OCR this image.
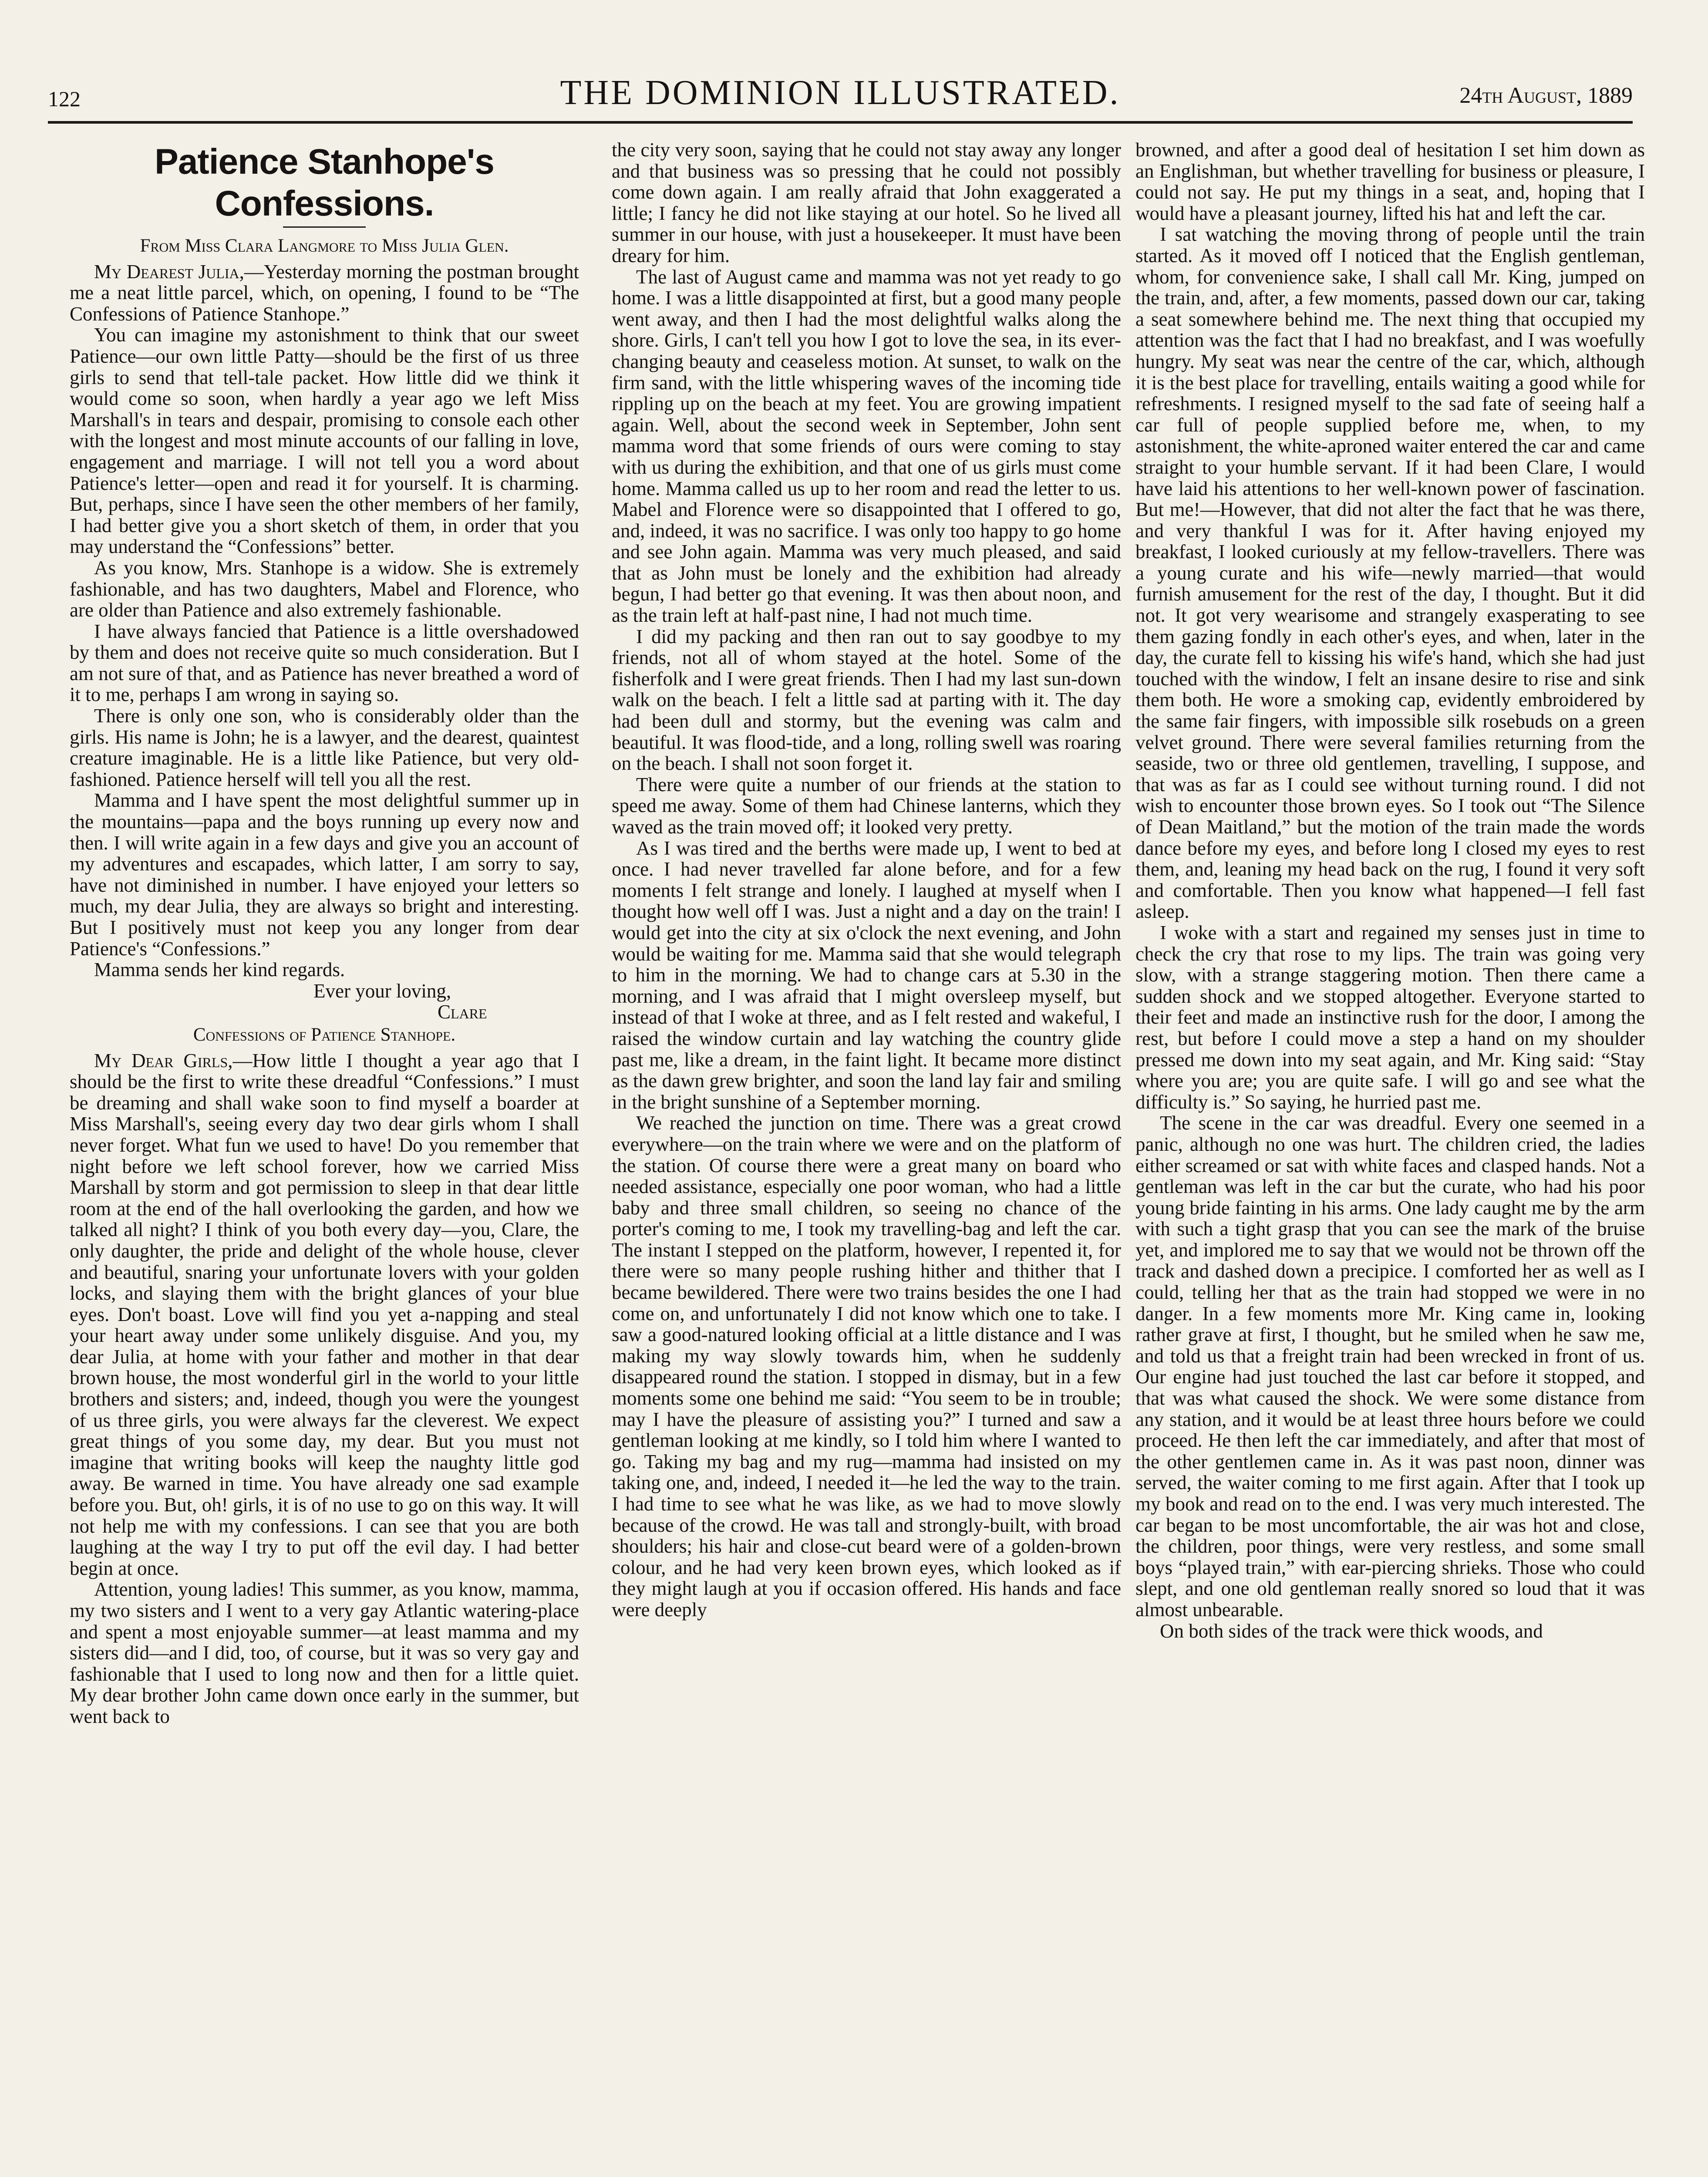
122	THE DOMINION ILLUSTRATED.	24th August, 1889
Patience Stanhope's Confessions.
From Miss Clara Langmore to Miss Julia Glen.

My Dearest Julia,—Yesterday morning the postman brought me a neat little parcel, which, on opening, I found to be “The Confessions of Patience Stanhope.”

You can imagine my astonishment to think that our sweet Patience—our own little Patty—should be the first of us three girls to send that tell-tale packet. How little did we think it would come so soon, when hardly a year ago we left Miss Marshall's in tears and despair, promising to console each other with the longest and most minute accounts of our falling in love, engagement and marriage. I will not tell you a word about Patience's letter—open and read it for yourself. It is charming. But, perhaps, since I have seen the other members of her family, I had better give you a short sketch of them, in order that you may understand the “Confessions” better.

As you know, Mrs. Stanhope is a widow. She is extremely fashionable, and has two daughters, Mabel and Florence, who are older than Patience and also extremely fashionable.

I have always fancied that Patience is a little overshadowed by them and does not receive quite so much consideration. But I am not sure of that, and as Patience has never breathed a word of it to me, perhaps I am wrong in saying so.

There is only one son, who is considerably older than the girls. His name is John; he is a lawyer, and the dearest, quaintest creature imaginable. He is a little like Patience, but very old-fashioned. Patience herself will tell you all the rest.

Mamma and I have spent the most delightful summer up in the mountains—papa and the boys running up every now and then. I will write again in a few days and give you an account of my adventures and escapades, which latter, I am sorry to say, have not diminished in number. I have enjoyed your letters so much, my dear Julia, they are always so bright and interesting. But I positively must not keep you any longer from dear Patience's “Confessions.”

Mamma sends her kind regards.

Ever your loving,

Clare

Confessions of Patience Stanhope.

My Dear Girls,—How little I thought a year ago that I should be the first to write these dreadful “Confessions.” I must be dreaming and shall wake soon to find myself a boarder at Miss Marshall's, seeing every day two dear girls whom I shall never forget. What fun we used to have! Do you remember that night before we left school forever, how we carried Miss Marshall by storm and got permission to sleep in that dear little room at the end of the hall overlooking the garden, and how we talked all night? I think of you both every day—you, Clare, the only daughter, the pride and delight of the whole house, clever and beautiful, snaring your unfortunate lovers with your golden locks, and slaying them with the bright glances of your blue eyes. Don't boast. Love will find you yet a-napping and steal your heart away under some unlikely disguise. And you, my dear Julia, at home with your father and mother in that dear brown house, the most wonderful girl in the world to your little brothers and sisters; and, indeed, though you were the youngest of us three girls, you were always far the cleverest. We expect great things of you some day, my dear. But you must not imagine that writing books will keep the naughty little god away. Be warned in time. You have already one sad example before you. But, oh! girls, it is of no use to go on this way. It will not help me with my confessions. I can see that you are both laughing at the way I try to put off the evil day. I had better begin at once.

Attention, young ladies! This summer, as you know, mamma, my two sisters and I went to a very gay Atlantic watering-place and spent a most enjoyable summer—at least mamma and my sisters did—and I did, too, of course, but it was so very gay and fashionable that I used to long now and then for a little quiet. My dear brother John came down once early in the summer, but went back to

the city very soon, saying that he could not stay away any longer and that business was so pressing that he could not possibly come down again. I am really afraid that John exaggerated a little; I fancy he did not like staying at our hotel. So he lived all summer in our house, with just a housekeeper. It must have been dreary for him.

The last of August came and mamma was not yet ready to go home. I was a little disappointed at first, but a good many people went away, and then I had the most delightful walks along the shore. Girls, I can't tell you how I got to love the sea, in its ever-changing beauty and ceaseless motion. At sunset, to walk on the firm sand, with the little whispering waves of the incoming tide rippling up on the beach at my feet. You are growing impatient again. Well, about the second week in September, John sent mamma word that some friends of ours were coming to stay with us during the exhibition, and that one of us girls must come home. Mamma called us up to her room and read the letter to us. Mabel and Florence were so disappointed that I offered to go, and, indeed, it was no sacrifice. I was only too happy to go home and see John again. Mamma was very much pleased, and said that as John must be lonely and the exhibition had already begun, I had better go that evening. It was then about noon, and as the train left at half-past nine, I had not much time.

I did my packing and then ran out to say goodbye to my friends, not all of whom stayed at the hotel. Some of the fisherfolk and I were great friends. Then I had my last sun-down walk on the beach. I felt a little sad at parting with it. The day had been dull and stormy, but the evening was calm and beautiful. It was flood-tide, and a long, rolling swell was roaring on the beach. I shall not soon forget it.

There were quite a number of our friends at the station to speed me away. Some of them had Chinese lanterns, which they waved as the train moved off; it looked very pretty.

As I was tired and the berths were made up, I went to bed at once. I had never travelled far alone before, and for a few moments I felt strange and lonely. I laughed at myself when I thought how well off I was. Just a night and a day on the train! I would get into the city at six o'clock the next evening, and John would be waiting for me. Mamma said that she would telegraph to him in the morning. We had to change cars at 5.30 in the morning, and I was afraid that I might oversleep myself, but instead of that I woke at three, and as I felt rested and wakeful, I raised the window curtain and lay watching the country glide past me, like a dream, in the faint light. It became more distinct as the dawn grew brighter, and soon the land lay fair and smiling in the bright sunshine of a September morning.

We reached the junction on time. There was a great crowd everywhere—on the train where we were and on the platform of the station. Of course there were a great many on board who needed assistance, especially one poor woman, who had a little baby and three small children, so seeing no chance of the porter's coming to me, I took my travelling-bag and left the car. The instant I stepped on the platform, however, I repented it, for there were so many people rushing hither and thither that I became bewildered. There were two trains besides the one I had come on, and unfortunately I did not know which one to take. I saw a good-natured looking official at a little distance and I was making my way slowly towards him, when he suddenly disappeared round the station. I stopped in dismay, but in a few moments some one behind me said: “You seem to be in trouble; may I have the pleasure of assisting you?” I turned and saw a gentleman looking at me kindly, so I told him where I wanted to go. Taking my bag and my rug—mamma had insisted on my taking one, and, indeed, I needed it—he led the way to the train. I had time to see what he was like, as we had to move slowly because of the crowd. He was tall and strongly-built, with broad shoulders; his hair and close-cut beard were of a golden-brown colour, and he had very keen brown eyes, which looked as if they might laugh at you if occasion offered. His hands and face were deeply

browned, and after a good deal of hesitation I set him down as an Englishman, but whether travelling for business or pleasure, I could not say. He put my things in a seat, and, hoping that I would have a pleasant journey, lifted his hat and left the car.

I sat watching the moving throng of people until the train started. As it moved off I noticed that the English gentleman, whom, for convenience sake, I shall call Mr. King, jumped on the train, and, after, a few moments, passed down our car, taking a seat somewhere behind me. The next thing that occupied my attention was the fact that I had no breakfast, and I was woefully hungry. My seat was near the centre of the car, which, although it is the best place for travelling, entails waiting a good while for refreshments. I resigned myself to the sad fate of seeing half a car full of people supplied before me, when, to my astonishment, the white-aproned waiter entered the car and came straight to your humble servant. If it had been Clare, I would have laid his attentions to her well-known power of fascination. But me!—However, that did not alter the fact that he was there, and very thankful I was for it. After having enjoyed my breakfast, I looked curiously at my fellow-travellers. There was a young curate and his wife—newly married—that would furnish amusement for the rest of the day, I thought. But it did not. It got very wearisome and strangely exasperating to see them gazing fondly in each other's eyes, and when, later in the day, the curate fell to kissing his wife's hand, which she had just touched with the window, I felt an insane desire to rise and sink them both. He wore a smoking cap, evidently embroidered by the same fair fingers, with impossible silk rosebuds on a green velvet ground. There were several families returning from the seaside, two or three old gentlemen, travelling, I suppose, and that was as far as I could see without turning round. I did not wish to encounter those brown eyes. So I took out “The Silence of Dean Maitland,” but the motion of the train made the words dance before my eyes, and before long I closed my eyes to rest them, and, leaning my head back on the rug, I found it very soft and comfortable. Then you know what happened—I fell fast asleep.

I woke with a start and regained my senses just in time to check the cry that rose to my lips. The train was going very slow, with a strange staggering motion. Then there came a sudden shock and we stopped altogether. Everyone started to their feet and made an instinctive rush for the door, I among the rest, but before I could move a step a hand on my shoulder pressed me down into my seat again, and Mr. King said: “Stay where you are; you are quite safe. I will go and see what the difficulty is.” So saying, he hurried past me.

The scene in the car was dreadful. Every one seemed in a panic, although no one was hurt. The children cried, the ladies either screamed or sat with white faces and clasped hands. Not a gentleman was left in the car but the curate, who had his poor young bride fainting in his arms. One lady caught me by the arm with such a tight grasp that you can see the mark of the bruise yet, and implored me to say that we would not be thrown off the track and dashed down a precipice. I comforted her as well as I could, telling her that as the train had stopped we were in no danger. In a few moments more Mr. King came in, looking rather grave at first, I thought, but he smiled when he saw me, and told us that a freight train had been wrecked in front of us. Our engine had just touched the last car before it stopped, and that was what caused the shock. We were some distance from any station, and it would be at least three hours before we could proceed. He then left the car immediately, and after that most of the other gentlemen came in. As it was past noon, dinner was served, the waiter coming to me first again. After that I took up my book and read on to the end. I was very much interested. The car began to be most uncomfortable, the air was hot and close, the children, poor things, were very restless, and some small boys “played train,” with ear-piercing shrieks. Those who could slept, and one old gentleman really snored so loud that it was almost unbearable.

On both sides of the track were thick woods, and
